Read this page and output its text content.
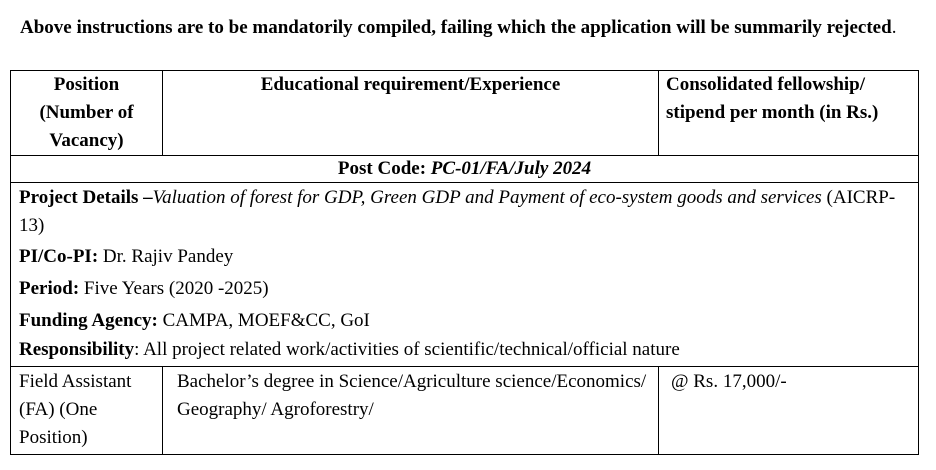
Above instructions are to be mandatorily compiled, failing which the application will be summarily rejected.
Position (Number of Vacancy)	Educational requirement/Experience	Consolidated fellowship/ stipend per month (in Rs.)
Post Code: PC-01/FA/July 2024		

Project Details –Valuation of forest for GDP, Green GDP and Payment of eco-system goods and services (AICRP-13)

PI/Co-PI: Dr. Rajiv Pandey

Period: Five Years (2020 -2025)

Funding Agency: CAMPA, MOEF&CC, GoI

Responsibility: All project related work/activities of scientific/technical/official nature		

Field Assistant (FA) (One Position)	Bachelor’s degree in Science/Agriculture science/Economics/ Geography/ Agroforestry/	@ Rs. 17,000/-
